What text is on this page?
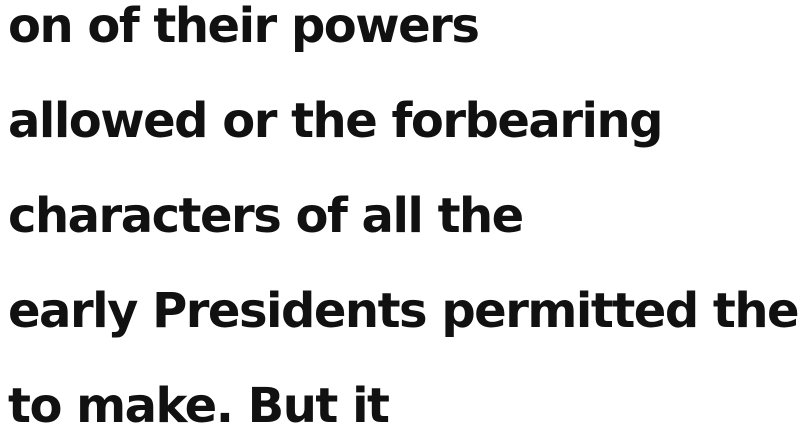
on of their powers

allowed or the forbearing

characters of all the

early Presidents permitted the

to make. But it
